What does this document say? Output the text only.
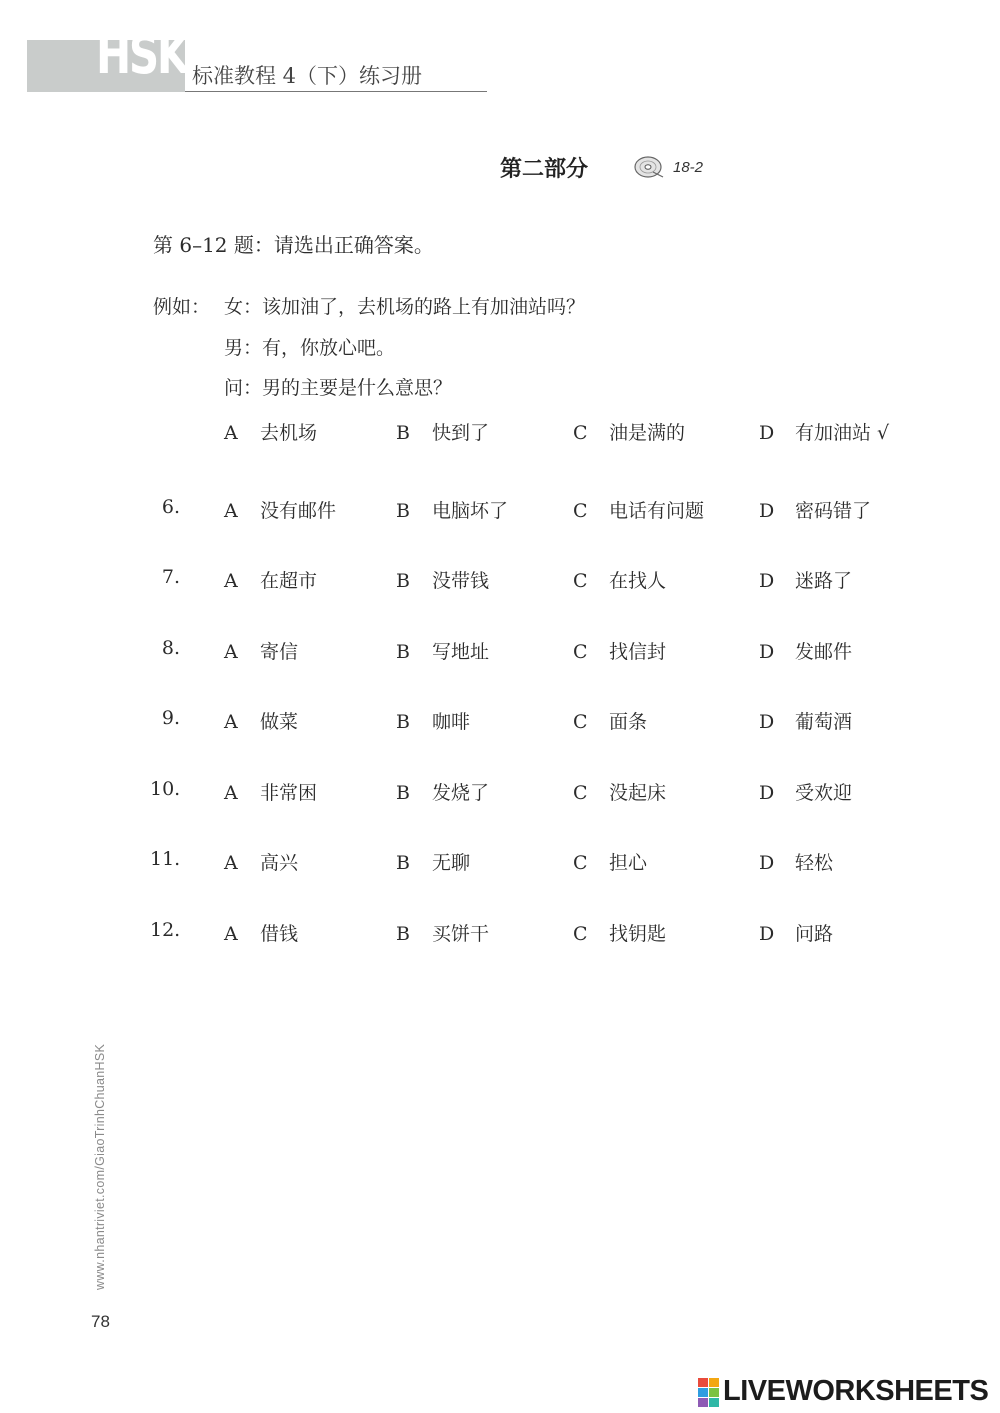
HSK 标准教程 4（下）练习册
第二部分	18-2
第 6–12 题：请选出正确答案。
例如： 女：该加油了，去机场的路上有加油站吗？
男：有，你放心吧。
问：男的主要是什么意思？
A 去机场	B 快到了	C 油是满的	D 有加油站 √
6. A 没有邮件	B 电脑坏了	C 电话有问题	D 密码错了
7. A 在超市	B 没带钱	C 在找人	D 迷路了
8. A 寄信	B 写地址	C 找信封	D 发邮件
9. A 做菜	B 咖啡	C 面条	D 葡萄酒
10. A 非常困	B 发烧了	C 没起床	D 受欢迎
11. A 高兴	B 无聊	C 担心	D 轻松
12. A 借钱	B 买饼干	C 找钥匙	D 问路
www.nhantriviet.com/GiaoTrinhChuanHSK
78
LIVEWORKSHEETS
